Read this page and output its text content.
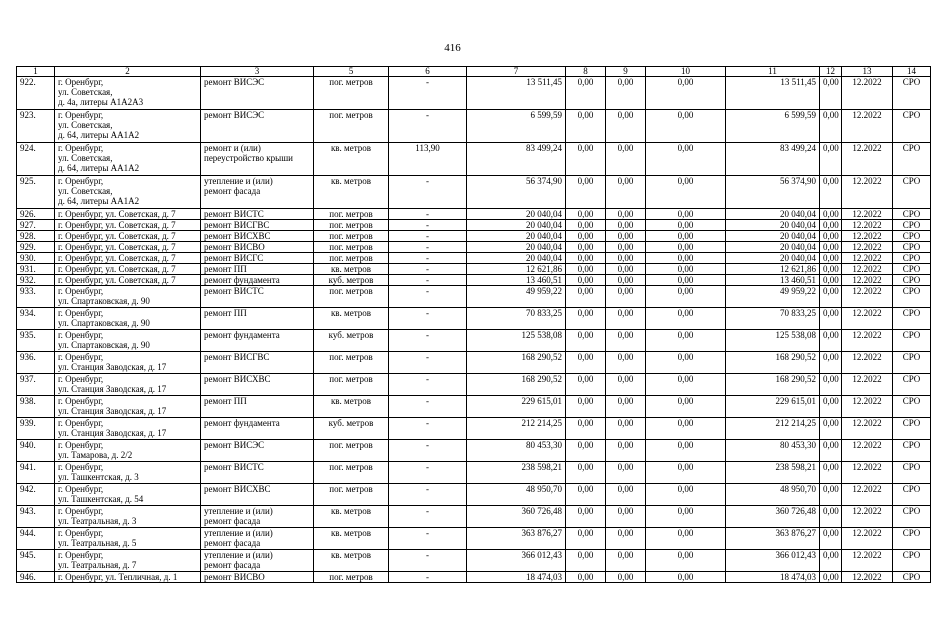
416
1	2	3	5	6	7	8	9	10	11	12	13	14
922.	г. Оренбург,
ул. Советская,
д. 4а, литеры А1А2А3	ремонт ВИСЭС	пог. метров	-	13 511,45	0,00	0,00	0,00	13 511,45	0,00	12.2022	СРО
923.	г. Оренбург,
ул. Советская,
д. 64, литеры АА1А2	ремонт ВИСЭС	пог. метров	-	6 599,59	0,00	0,00	0,00	6 599,59	0,00	12.2022	СРО
924.	г. Оренбург,
ул. Советская,
д. 64, литеры АА1А2	ремонт и (или)
переустройство крыши	кв. метров	113,90	83 499,24	0,00	0,00	0,00	83 499,24	0,00	12.2022	СРО
925.	г. Оренбург,
ул. Советская,
д. 64, литеры АА1А2	утепление и (или)
ремонт фасада	кв. метров	-	56 374,90	0,00	0,00	0,00	56 374,90	0,00	12.2022	СРО
926.	г. Оренбург, ул. Советская, д. 7	ремонт ВИСТС	пог. метров	-	20 040,04	0,00	0,00	0,00	20 040,04	0,00	12.2022	СРО
927.	г. Оренбург, ул. Советская, д. 7	ремонт ВИСГВС	пог. метров	-	20 040,04	0,00	0,00	0,00	20 040,04	0,00	12.2022	СРО
928.	г. Оренбург, ул. Советская, д. 7	ремонт ВИСХВС	пог. метров	-	20 040,04	0,00	0,00	0,00	20 040,04	0,00	12.2022	СРО
929.	г. Оренбург, ул. Советская, д. 7	ремонт ВИСВО	пог. метров	-	20 040,04	0,00	0,00	0,00	20 040,04	0,00	12.2022	СРО
930.	г. Оренбург, ул. Советская, д. 7	ремонт ВИСГС	пог. метров	-	20 040,04	0,00	0,00	0,00	20 040,04	0,00	12.2022	СРО
931.	г. Оренбург, ул. Советская, д. 7	ремонт ПП	кв. метров	-	12 621,86	0,00	0,00	0,00	12 621,86	0,00	12.2022	СРО
932.	г. Оренбург, ул. Советская, д. 7	ремонт фундамента	куб. метров	-	13 460,51	0,00	0,00	0,00	13 460,51	0,00	12.2022	СРО
933.	г. Оренбург,
ул. Спартаковская, д. 90	ремонт ВИСТС	пог. метров	-	49 959,22	0,00	0,00	0,00	49 959,22	0,00	12.2022	СРО
934.	г. Оренбург,
ул. Спартаковская, д. 90	ремонт ПП	кв. метров	-	70 833,25	0,00	0,00	0,00	70 833,25	0,00	12.2022	СРО
935.	г. Оренбург,
ул. Спартаковская, д. 90	ремонт фундамента	куб. метров	-	125 538,08	0,00	0,00	0,00	125 538,08	0,00	12.2022	СРО
936.	г. Оренбург,
ул. Станция Заводская, д. 17	ремонт ВИСГВС	пог. метров	-	168 290,52	0,00	0,00	0,00	168 290,52	0,00	12.2022	СРО
937.	г. Оренбург,
ул. Станция Заводская, д. 17	ремонт ВИСХВС	пог. метров	-	168 290,52	0,00	0,00	0,00	168 290,52	0,00	12.2022	СРО
938.	г. Оренбург,
ул. Станция Заводская, д. 17	ремонт ПП	кв. метров	-	229 615,01	0,00	0,00	0,00	229 615,01	0,00	12.2022	СРО
939.	г. Оренбург,
ул. Станция Заводская, д. 17	ремонт фундамента	куб. метров	-	212 214,25	0,00	0,00	0,00	212 214,25	0,00	12.2022	СРО
940.	г. Оренбург,
ул. Тамарова, д. 2/2	ремонт ВИСЭС	пог. метров	-	80 453,30	0,00	0,00	0,00	80 453,30	0,00	12.2022	СРО
941.	г. Оренбург,
ул. Ташкентская, д. 3	ремонт ВИСТС	пог. метров	-	238 598,21	0,00	0,00	0,00	238 598,21	0,00	12.2022	СРО
942.	г. Оренбург,
ул. Ташкентская, д. 54	ремонт ВИСХВС	пог. метров	-	48 950,70	0,00	0,00	0,00	48 950,70	0,00	12.2022	СРО
943.	г. Оренбург,
ул. Театральная, д. 3	утепление и (или)
ремонт фасада	кв. метров	-	360 726,48	0,00	0,00	0,00	360 726,48	0,00	12.2022	СРО
944.	г. Оренбург,
ул. Театральная, д. 5	утепление и (или)
ремонт фасада	кв. метров	-	363 876,27	0,00	0,00	0,00	363 876,27	0,00	12.2022	СРО
945.	г. Оренбург,
ул. Театральная, д. 7	утепление и (или)
ремонт фасада	кв. метров	-	366 012,43	0,00	0,00	0,00	366 012,43	0,00	12.2022	СРО
946.	г. Оренбург, ул. Тепличная, д. 1	ремонт ВИСВО	пог. метров	-	18 474,03	0,00	0,00	0,00	18 474,03	0,00	12.2022	СРО
